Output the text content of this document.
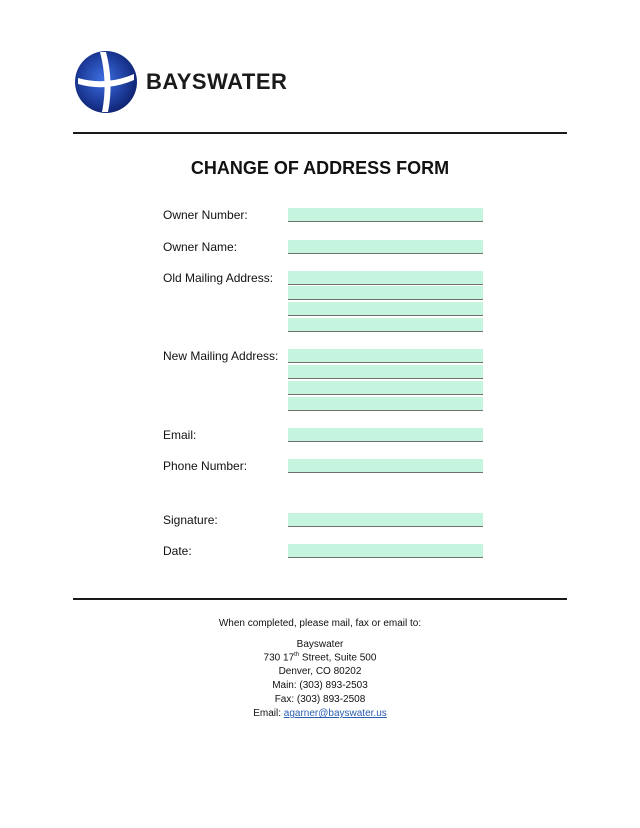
BAYSWATER
CHANGE OF ADDRESS FORM
Owner Number:
Owner Name:
Old Mailing Address:
New Mailing Address:
Email:
Phone Number:
Signature:
Date:
When completed, please mail, fax or email to:
Bayswater
730 17th Street, Suite 500
Denver, CO 80202
Main: (303) 893-2503
Fax: (303) 893-2508
Email: agarner@bayswater.us
